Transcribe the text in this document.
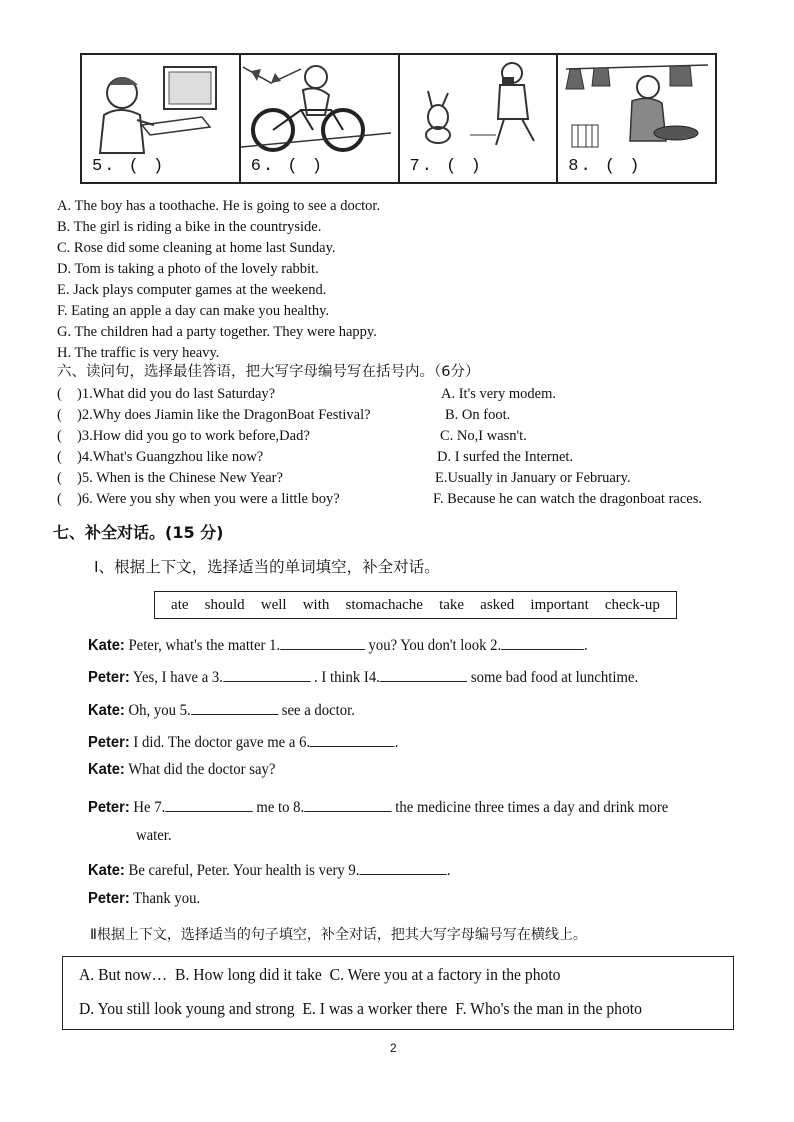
5. ( )	6. ( )	7. ( )	8. ( )
A. The boy has a toothache. He is going to see a doctor.
B. The girl is riding a bike in the countryside.
C. Rose did some cleaning at home last Sunday.
D. Tom is taking a photo of the lovely rabbit.
E. Jack plays computer games at the weekend.
F. Eating an apple a day can make you healthy.
G. The children had a party together. They were happy.
H. The traffic is very heavy.
六、读问句，选择最佳答语，把大写字母编号写在括号内。（6分）
( )1.What did you do last Saturday?	A. It's very modem.
( )2.Why does Jiamin like the DragonBoat Festival?	B. On foot.
( )3.How did you go to work before,Dad?	C. No,I wasn't.
( )4.What's Guangzhou like now?	D. I surfed the Internet.
( )5. When is the Chinese New Year?	E.Usually in January or February.
( )6. Were you shy when you were a little boy?	F. Because he can watch the dragonboat races.
七、补全对话。(15 分)
Ⅰ、根据上下文，选择适当的单词填空，补全对话。
ate should well with stomachache take asked important check-up
Kate: Peter, what's the matter 1.	you? You don't look 2.	.
Peter: Yes, I have a 3.	. I think I4.	some bad food at lunchtime.
Kate: Oh, you 5.	see a doctor.
Peter: I did. The doctor gave me a 6.	.
Kate: What did the doctor say?
Peter: He 7.	me to 8.	the medicine three times a day and drink more
water.
Kate: Be careful, Peter. Your health is very 9.	.
Peter: Thank you.
Ⅱ根据上下文，选择适当的句子填空，补全对话，把其大写字母编号写在横线上。
A. But now… B. How long did it take C. Were you at a factory in the photo
D. You still look young and strong E. I was a worker there F. Who's the man in the photo
2
